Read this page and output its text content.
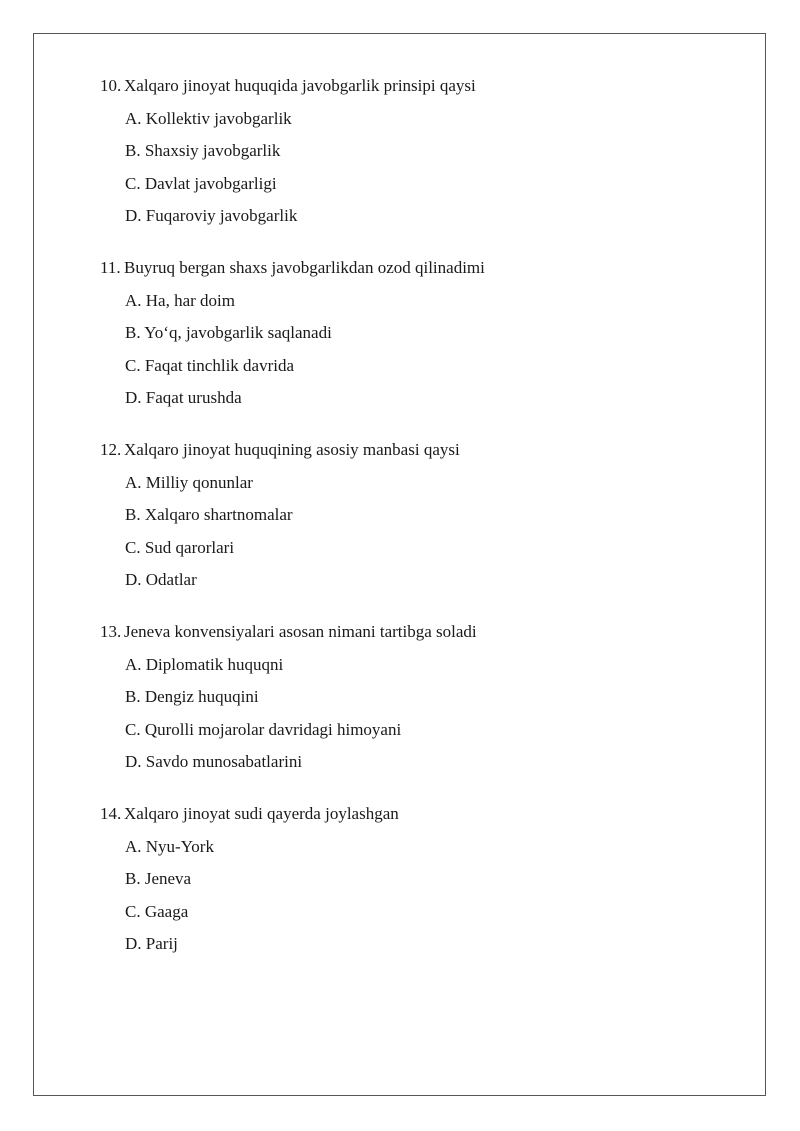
10. Xalqaro jinoyat huquqida javobgarlik prinsipi qaysi
A. Kollektiv javobgarlik
B. Shaxsiy javobgarlik
C. Davlat javobgarligi
D. Fuqaroviy javobgarlik
11. Buyruq bergan shaxs javobgarlikdan ozod qilinadimi
A. Ha, har doim
B. Yo‘q, javobgarlik saqlanadi
C. Faqat tinchlik davrida
D. Faqat urushda
12. Xalqaro jinoyat huquqining asosiy manbasi qaysi
A. Milliy qonunlar
B. Xalqaro shartnomalar
C. Sud qarorlari
D. Odatlar
13. Jeneva konvensiyalari asosan nimani tartibga soladi
A. Diplomatik huquqni
B. Dengiz huquqini
C. Qurolli mojarolar davridagi himoyani
D. Savdo munosabatlarini
14. Xalqaro jinoyat sudi qayerda joylashgan
A. Nyu-York
B. Jeneva
C. Gaaga
D. Parij
